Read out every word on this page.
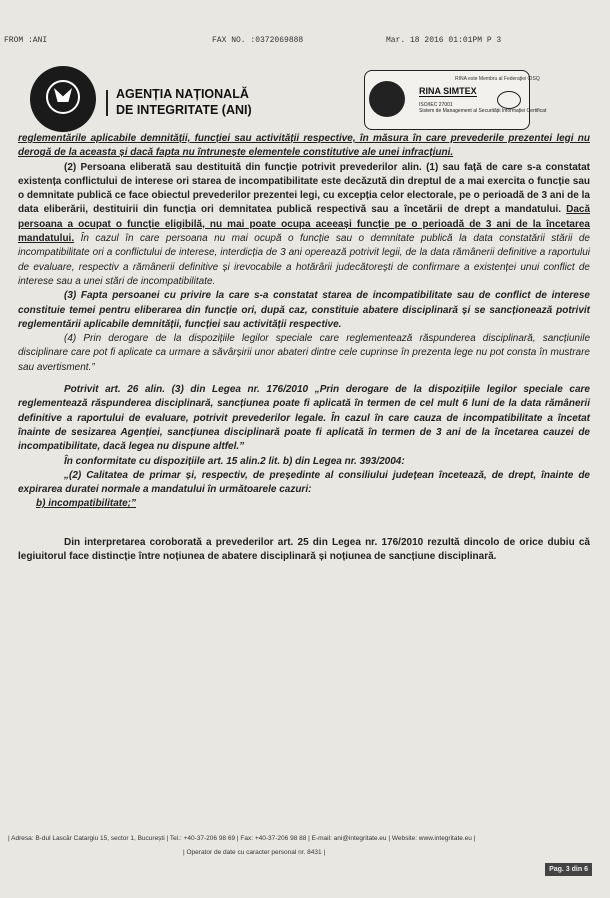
FROM :ANI	FAX NO. :0372069888	Mar. 18 2016 01:01PM P 3
AGENȚIA NAȚIONALĂ
DE INTEGRITATE (ANI)
RINA este Membru al Federaţiei CISQ
RINA SIMTEX
ISO/IEC 27001
Sistem de Management al Securității Informației Certificat

reglementările aplicabile demnității, funcției sau activității respective, în măsura în care prevederile prezentei legi nu derogă de la aceasta și dacă fapta nu întrunește elementele constitutive ale unei infracțiuni.

(2) Persoana eliberată sau destituită din funcție potrivit prevederilor alin. (1) sau față de care s-a constatat existența conflictului de interese ori starea de incompatibilitate este decăzută din dreptul de a mai exercita o funcție sau o demnitate publică ce face obiectul prevederilor prezentei legi, cu excepția celor electorale, pe o perioadă de 3 ani de la data eliberării, destituirii din funcția ori demnitatea publică respectivă sau a încetării de drept a mandatului. Dacă persoana a ocupat o funcție eligibilă, nu mai poate ocupa aceeași funcție pe o perioadă de 3 ani de la încetarea mandatului. În cazul în care persoana nu mai ocupă o funcție sau o demnitate publică la data constatării stării de incompatibilitate ori a conflictului de interese, interdicția de 3 ani operează potrivit legii, de la data rămânerii definitive a raportului de evaluare, respectiv a rămânerii definitive și irevocabile a hotărârii judecătorești de confirmare a existenței unui conflict de interese sau a unei stări de incompatibilitate.

(3) Fapta persoanei cu privire la care s-a constatat starea de incompatibilitate sau de conflict de interese constituie temei pentru eliberarea din funcție ori, după caz, constituie abatere disciplinară și se sancționează potrivit reglementării aplicabile demnității, funcției sau activității respective.

(4) Prin derogare de la dispozițiile legilor speciale care reglementează răspunderea disciplinară, sancțiunile disciplinare care pot fi aplicate ca urmare a săvârșirii unor abateri dintre cele cuprinse în prezenta lege nu pot consta în mustrare sau avertisment.”

Potrivit art. 26 alin. (3) din Legea nr. 176/2010 „Prin derogare de la dispozițiile legilor speciale care reglementează răspunderea disciplinară, sancțiunea poate fi aplicată în termen de cel mult 6 luni de la data rămânerii definitive a raportului de evaluare, potrivit prevederilor legale. În cazul în care cauza de incompatibilitate a încetat înainte de sesizarea Agenției, sancțiunea disciplinară poate fi aplicată în termen de 3 ani de la încetarea cauzei de incompatibilitate, dacă legea nu dispune altfel.”

În conformitate cu dispozițiile art. 15 alin.2 lit. b) din Legea nr. 393/2004:

„(2) Calitatea de primar și, respectiv, de președinte al consiliului județean încetează, de drept, înainte de expirarea duratei normale a mandatului în următoarele cazuri:

b) incompatibilitate;”

Din interpretarea coroborată a prevederilor art. 25 din Legea nr. 176/2010 rezultă dincolo de orice dubiu că legiuitorul face distincție între noțiunea de abatere disciplinară și noțiunea de sancțiune disciplinară.

| Adresa: B-dul Lascăr Catargiu 15, sector 1, București | Tel.: +40-37-206 98 69 | Fax: +40-37-206 98 88 | E-mail: ani@integritate.eu | Website: www.integritate.eu |
| Operator de date cu caracter personal nr. 8431 |
Pag. 3 din 6
